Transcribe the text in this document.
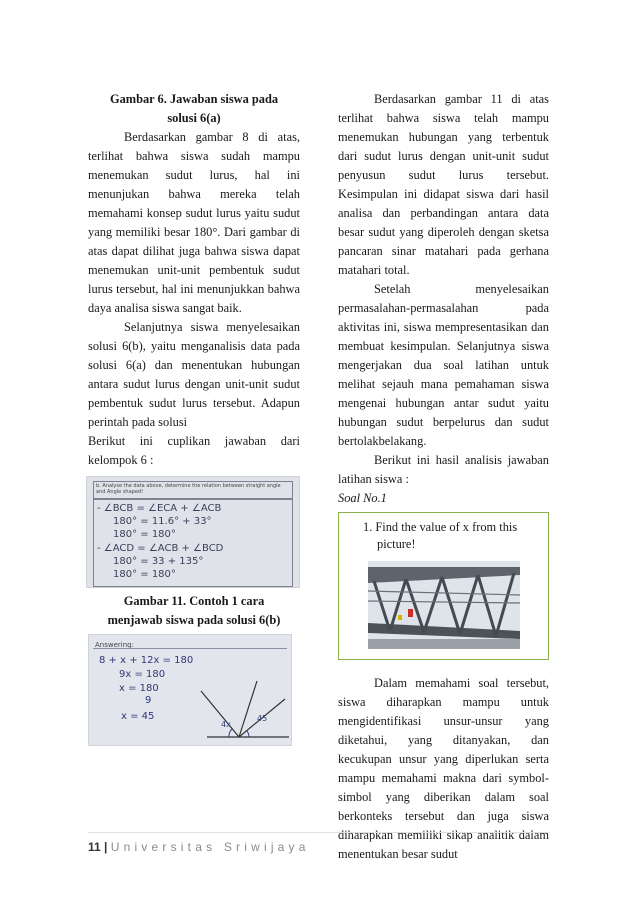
Gambar 6. Jawaban siswa pada
solusi 6(a)

Berdasarkan gambar 8 di atas, terlihat bahwa siswa sudah mampu menemukan sudut lurus, hal ini menunjukan bahwa mereka telah memahami konsep sudut lurus yaitu sudut yang memiliki besar 180°. Dari gambar di atas dapat dilihat juga bahwa siswa dapat menemukan unit-unit pembentuk sudut lurus tersebut, hal ini menunjukkan bahwa daya analisa siswa sangat baik.

Selanjutnya siswa menyelesaikan solusi 6(b), yaitu menganalisis data pada solusi 6(a) dan menentukan hubungan antara sudut lurus dengan unit-unit sudut pembentuk sudut lurus tersebut. Adapun perintah pada solusi

Berikut ini cuplikan jawaban dari kelompok 6 :

b. Analyse the data above, determine the relation between straight angle and Angle shaped!
- ∠BCB = ∠ECA + ∠ACB
180° = 11.6° + 33°
180° = 180°
- ∠ACD = ∠ACB + ∠BCD
180° = 33 + 135°
180° = 180°

Gambar 11. Contoh 1 cara
menjawab siswa pada solusi 6(b)

Answering:
8 + x + 12x = 180
9x = 180
x = 180
9
x = 45
4x
45

Berdasarkan gambar 11 di atas terlihat bahwa siswa telah mampu menemukan hubungan yang terbentuk dari sudut lurus dengan unit-unit sudut penyusun sudut lurus tersebut. Kesimpulan ini didapat siswa dari hasil analisa dan perbandingan antara data besar sudut yang diperoleh dengan sketsa pancaran sinar matahari pada gerhana matahari total.

Setelah menyelesaikan permasalahan-permasalahan pada aktivitas ini, siswa mempresentasikan dan membuat kesimpulan. Selanjutnya siswa mengerjakan dua soal latihan untuk melihat sejauh mana pemahaman siswa mengenai hubungan antar sudut yaitu hubungan sudut berpelurus dan sudut bertolakbelakang.

Berikut ini hasil analisis jawaban latihan siswa :

Soal No.1

1. Find the value of x from this picture!

Dalam memahami soal tersebut, siswa diharapkan mampu untuk mengidentifikasi unsur-unsur yang diketahui, yang ditanyakan, dan kecukupan unsur yang diperlukan serta mampu memahami makna dari symbol-simbol yang diberikan dalam soal berkonteks tersebut dan juga siswa diharapkan memiliki sikap analitik dalam menentukan besar sudut

11 | Universitas Sriwijaya
